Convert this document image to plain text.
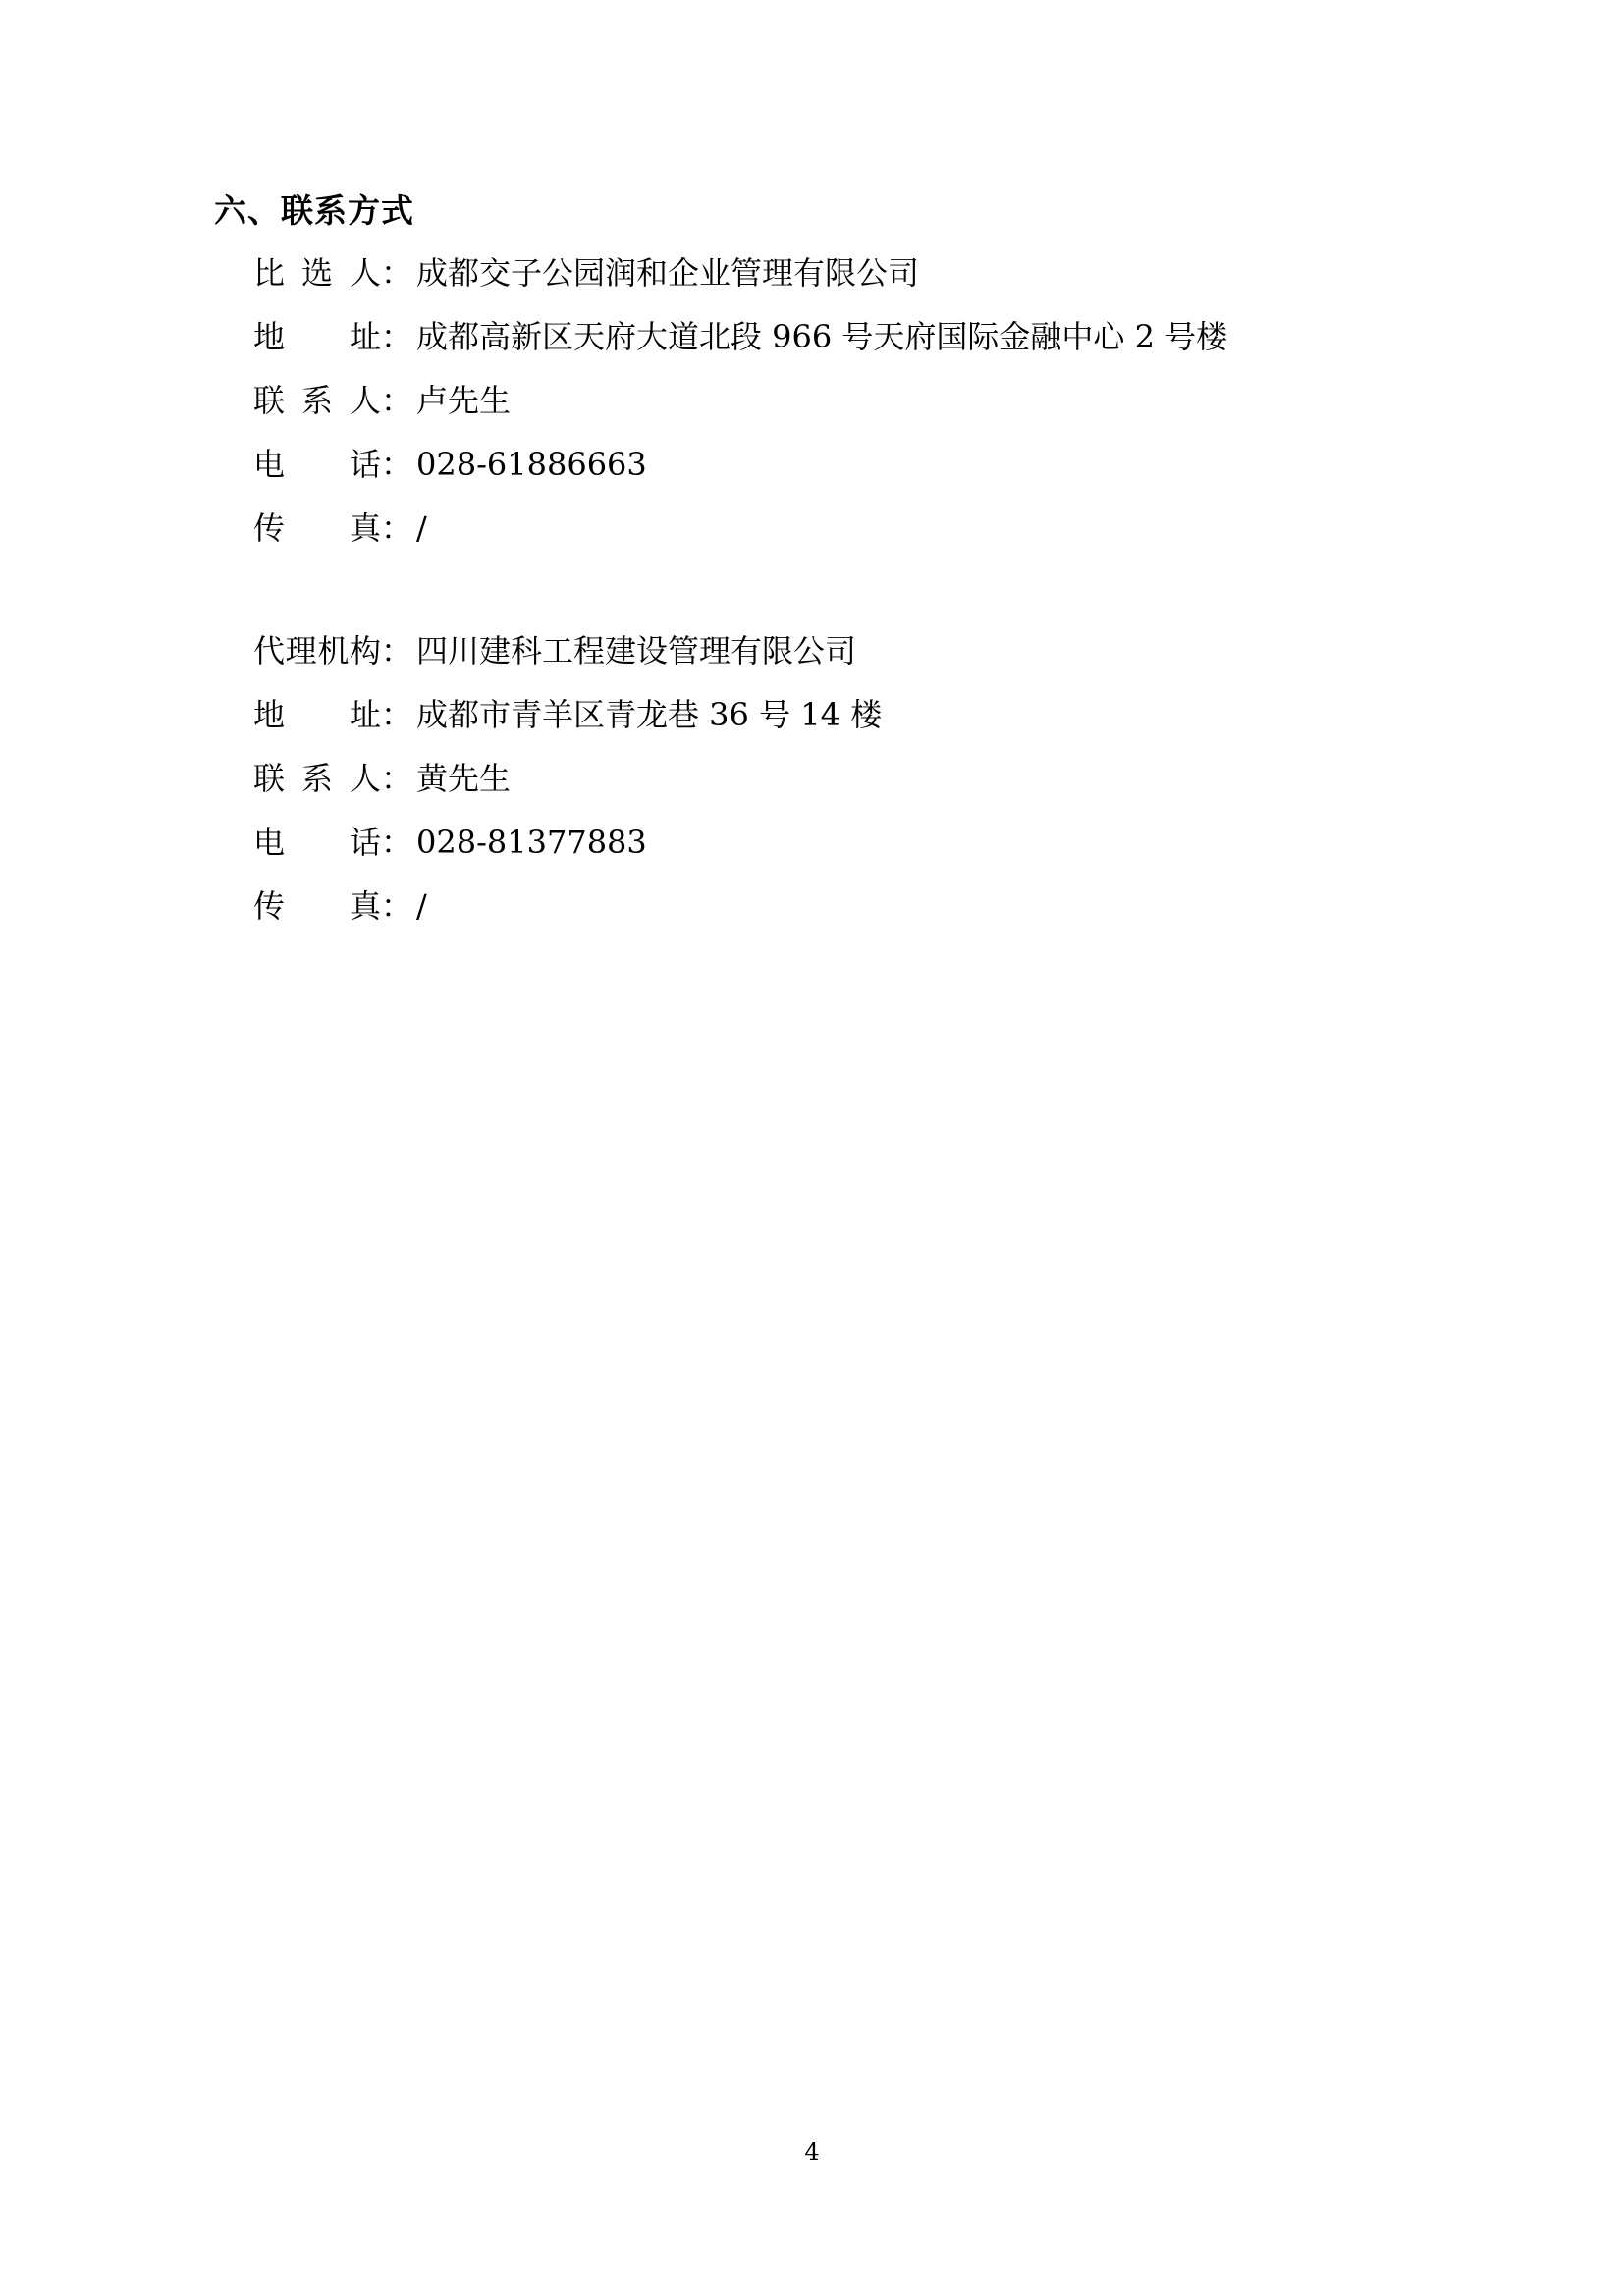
六、联系方式
比选人 ： 成都交子公园润和企业管理有限公司
地址 ： 成都高新区天府大道北段 966 号天府国际金融中心 2 号楼
联系人 ： 卢先生
电话 ： 028-61886663
传真 ： /
代理机构 ： 四川建科工程建设管理有限公司
地址 ： 成都市青羊区青龙巷 36 号 14 楼
联系人 ： 黄先生
电话 ： 028-81377883
传真 ： /
4
